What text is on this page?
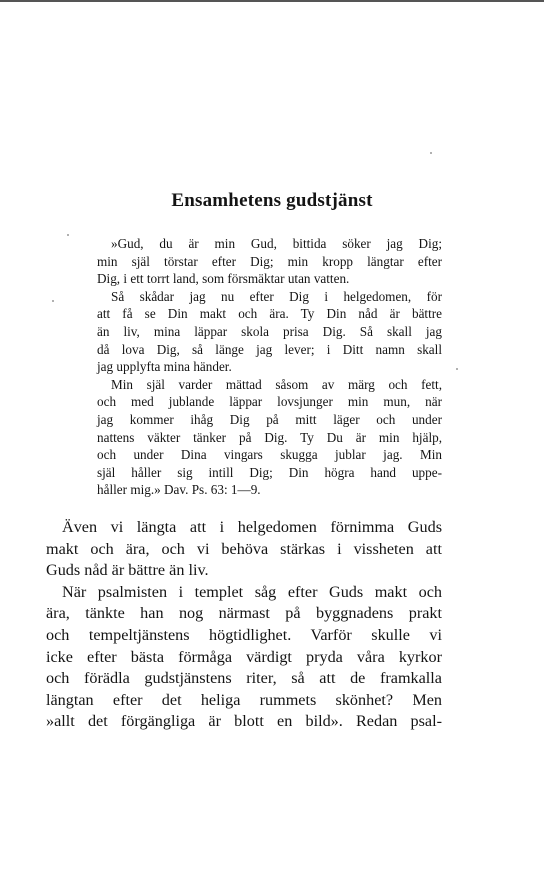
Ensamhetens gudstjänst

»Gud, du är min Gud, bittida söker jag Dig;
min själ törstar efter Dig; min kropp längtar efter
Dig, i ett torrt land, som försmäktar utan vatten.

Så skådar jag nu efter Dig i helgedomen, för
att få se Din makt och ära. Ty Din nåd är bättre
än liv, mina läppar skola prisa Dig. Så skall jag
då lova Dig, så länge jag lever; i Ditt namn skall
jag upplyfta mina händer.

Min själ varder mättad såsom av märg och fett,
och med jublande läppar lovsjunger min mun, när
jag kommer ihåg Dig på mitt läger och under
nattens väkter tänker på Dig. Ty Du är min hjälp,
och under Dina vingars skugga jublar jag. Min
själ håller sig intill Dig; Din högra hand uppe-
håller mig.» Dav. Ps. 63: 1—9.

Även vi längta att i helgedomen förnimma Guds
makt och ära, och vi behöva stärkas i vissheten att
Guds nåd är bättre än liv.

När psalmisten i templet såg efter Guds makt och
ära, tänkte han nog närmast på byggnadens prakt
och tempeltjänstens högtidlighet. Varför skulle vi
icke efter bästa förmåga värdigt pryda våra kyrkor
och förädla gudstjänstens riter, så att de framkalla
längtan efter det heliga rummets skönhet? Men
»allt det förgängliga är blott en bild». Redan psal-
